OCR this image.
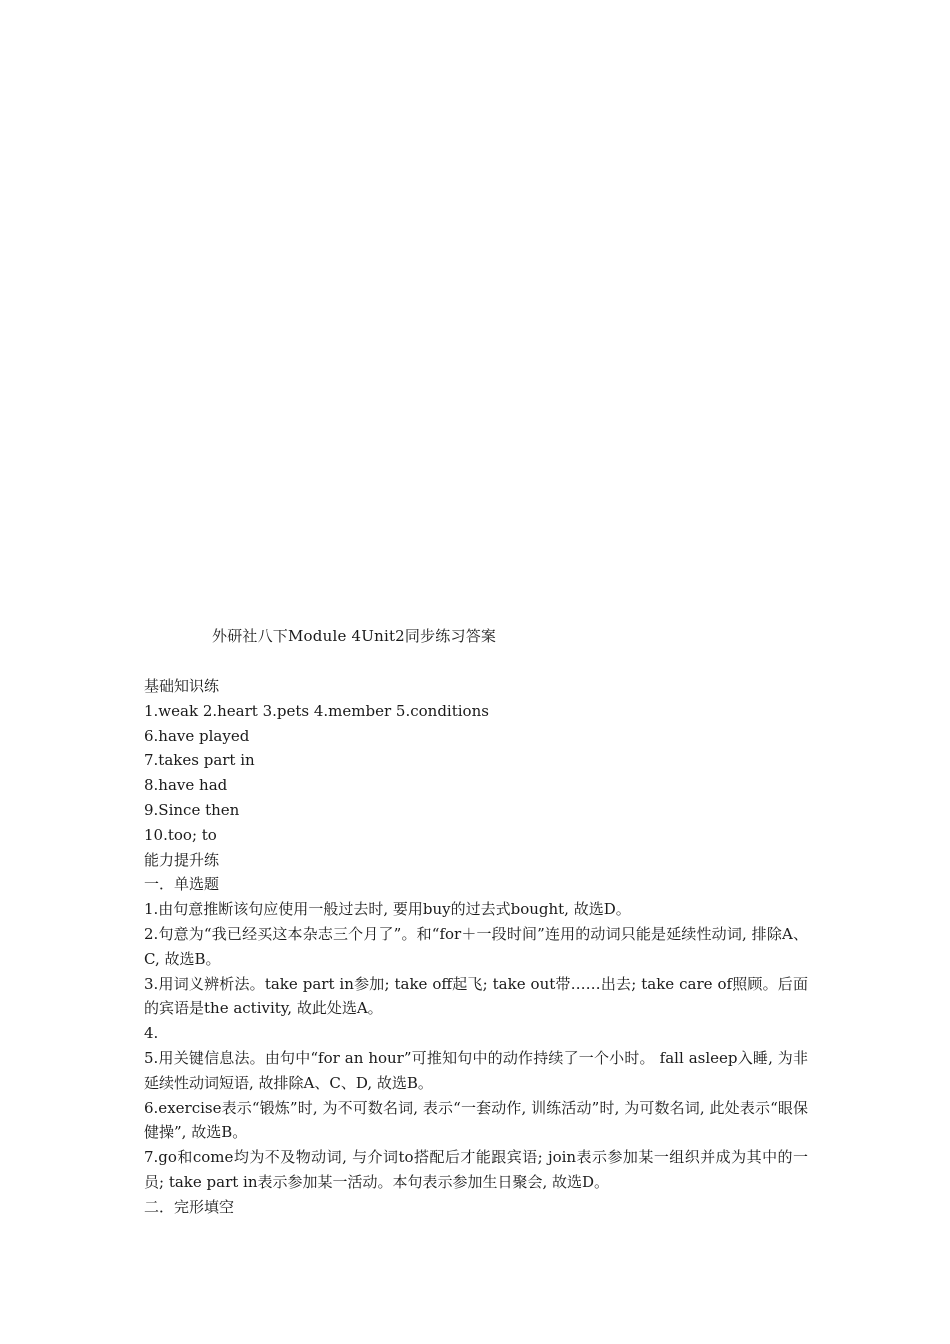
外研社八下Module 4Unit2同步练习答案
基础知识练
1.weak 2.heart 3.pets 4.member 5.conditions
6.have played
7.takes part in
8.have had
9.Since then
10.too; to
能力提升练
一．单选题
1.由句意推断该句应使用一般过去时, 要用buy的过去式bought, 故选D。
2.句意为“我已经买这本杂志三个月了”。和“for＋一段时间”连用的动词只能是延续性动词, 排除A、 C, 故选B。
3.用词义辨析法。take part in参加; take off起飞; take out带……出去; take care of照顾。后面的宾语是the activity, 故此处选A。
4.
5.用关键信息法。由句中“for an hour”可推知句中的动作持续了一个小时。 fall asleep入睡, 为非延续性动词短语, 故排除A、C、D, 故选B。
6.exercise表示“锻炼”时, 为不可数名词, 表示“一套动作, 训练活动”时, 为可数名词, 此处表示“眼保健操”, 故选B。
7.go和come均为不及物动词, 与介词to搭配后才能跟宾语; join表示参加某一组织并成为其中的一员; take part in表示参加某一活动。本句表示参加生日聚会, 故选D。
二．完形填空
